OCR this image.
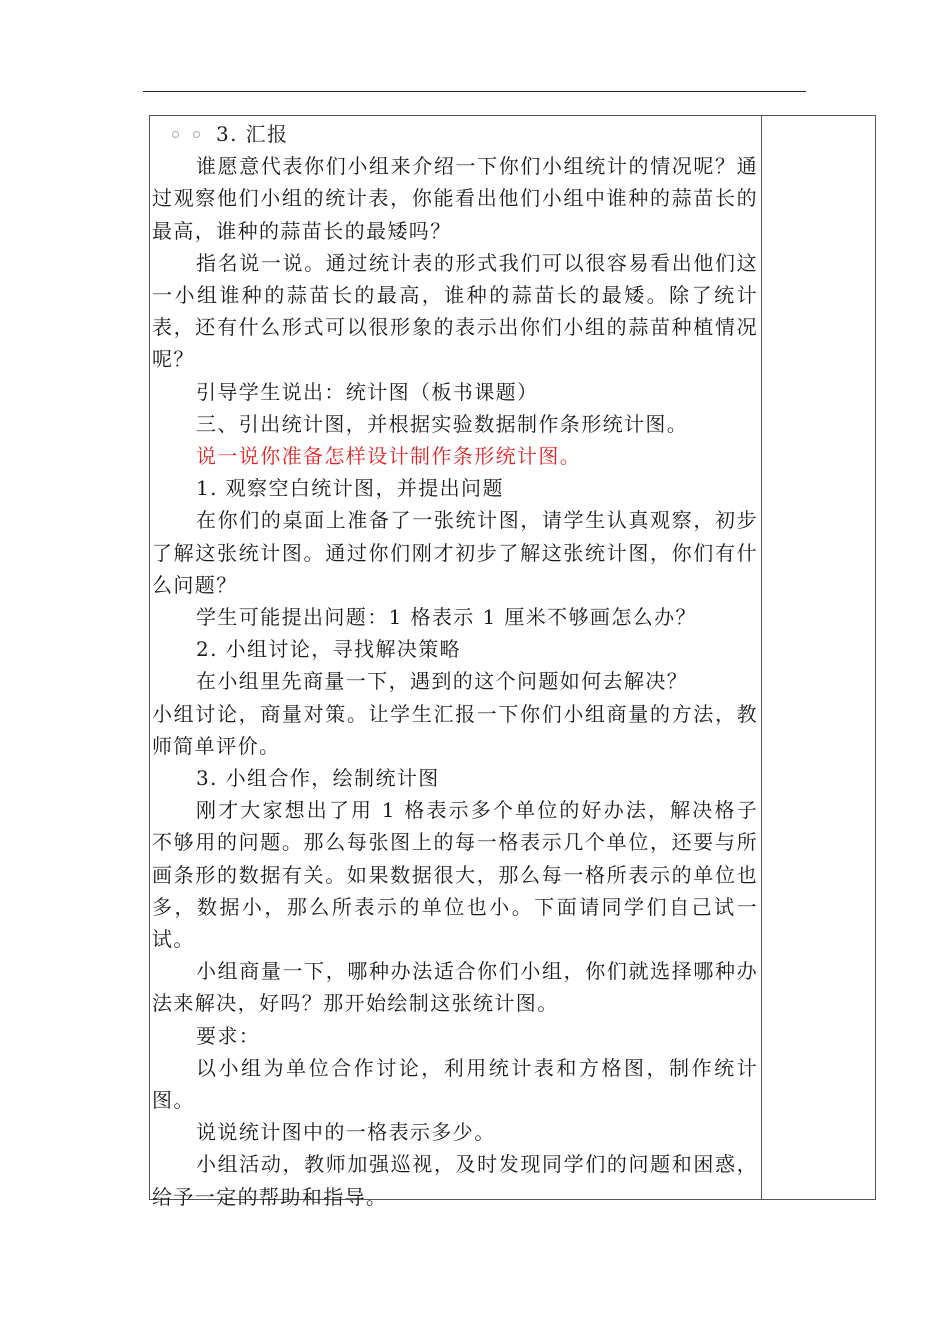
3. 汇报

谁愿意代表你们小组来介绍一下你们小组统计的情况呢？通过观察他们小组的统计表，你能看出他们小组中谁种的蒜苗长的最高，谁种的蒜苗长的最矮吗？

指名说一说。通过统计表的形式我们可以很容易看出他们这一小组谁种的蒜苗长的最高，谁种的蒜苗长的最矮。除了统计表，还有什么形式可以很形象的表示出你们小组的蒜苗种植情况呢？

引导学生说出：统计图（板书课题）

三、引出统计图，并根据实验数据制作条形统计图。

说一说你准备怎样设计制作条形统计图。

1. 观察空白统计图，并提出问题

在你们的桌面上准备了一张统计图，请学生认真观察，初步了解这张统计图。通过你们刚才初步了解这张统计图，你们有什么问题？

学生可能提出问题：1 格表示 1 厘米不够画怎么办？

2. 小组讨论，寻找解决策略

在小组里先商量一下，遇到的这个问题如何去解决？

小组讨论，商量对策。让学生汇报一下你们小组商量的方法，教师简单评价。

3. 小组合作，绘制统计图

刚才大家想出了用 1 格表示多个单位的好办法，解决格子不够用的问题。那么每张图上的每一格表示几个单位，还要与所画条形的数据有关。如果数据很大，那么每一格所表示的单位也多，数据小，那么所表示的单位也小。下面请同学们自己试一试。

小组商量一下，哪种办法适合你们小组，你们就选择哪种办法来解决，好吗？那开始绘制这张统计图。

要求：

以小组为单位合作讨论，利用统计表和方格图，制作统计图。

说说统计图中的一格表示多少。

小组活动，教师加强巡视，及时发现同学们的问题和困惑，给予一定的帮助和指导。
